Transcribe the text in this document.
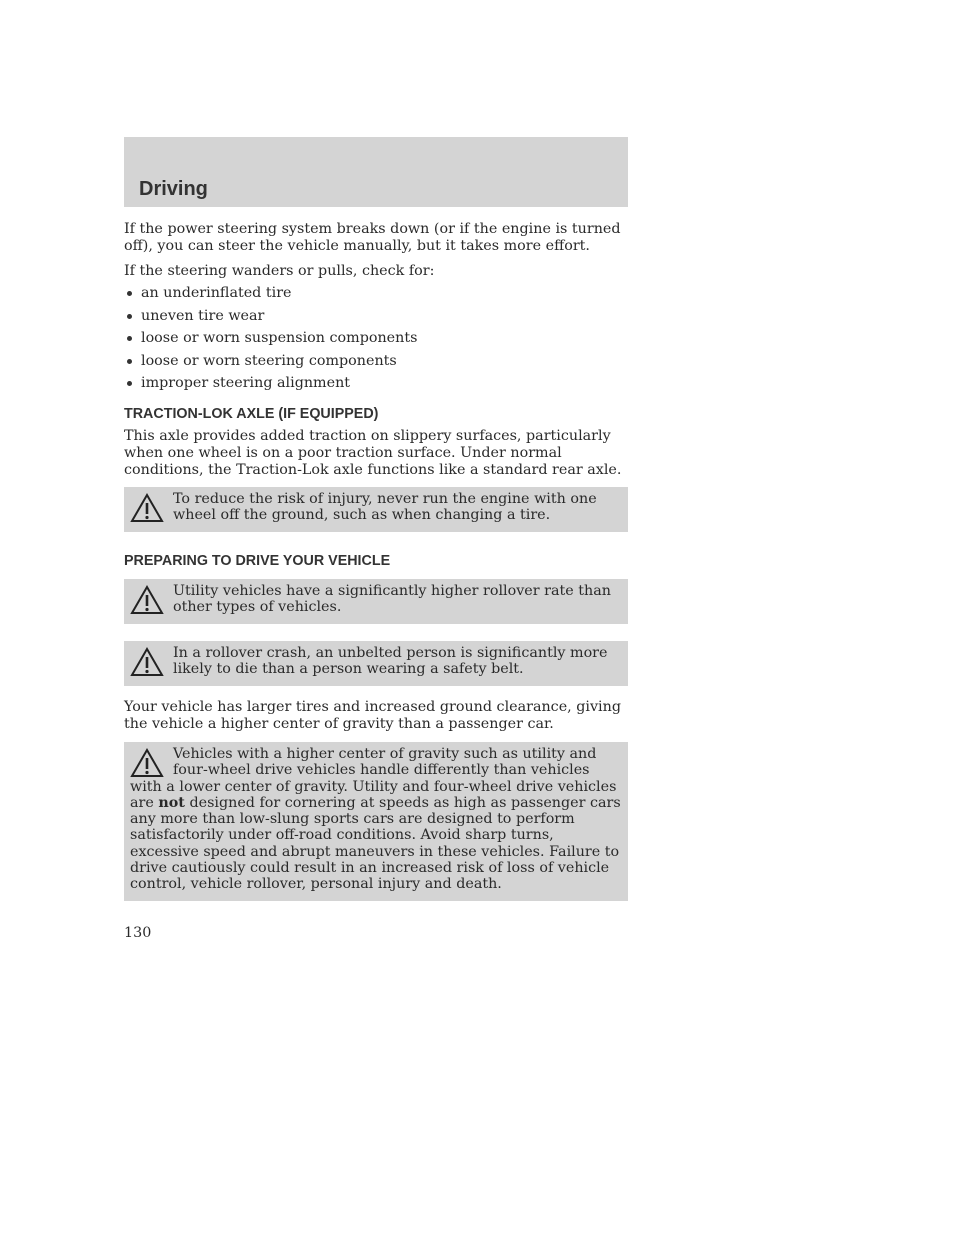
Driving

If the power steering system breaks down (or if the engine is turned off), you can steer the vehicle manually, but it takes more effort.

If the steering wanders or pulls, check for:

an underinflated tire
uneven tire wear
loose or worn suspension components
loose or worn steering components
improper steering alignment
TRACTION-LOK AXLE (IF EQUIPPED)

This axle provides added traction on slippery surfaces, particularly when one wheel is on a poor traction surface. Under normal conditions, the Traction-Lok axle functions like a standard rear axle.

To reduce the risk of injury, never run the engine with one wheel off the ground, such as when changing a tire.
PREPARING TO DRIVE YOUR VEHICLE
Utility vehicles have a significantly higher rollover rate than other types of vehicles.
In a rollover crash, an unbelted person is significantly more likely to die than a person wearing a safety belt.

Your vehicle has larger tires and increased ground clearance, giving the vehicle a higher center of gravity than a passenger car.

Vehicles with a higher center of gravity such as utility and four-wheel drive vehicles handle differently than vehicles with a lower center of gravity. Utility and four-wheel drive vehicles are not designed for cornering at speeds as high as passenger cars any more than low-slung sports cars are designed to perform satisfactorily under off-road conditions. Avoid sharp turns, excessive speed and abrupt maneuvers in these vehicles. Failure to drive cautiously could result in an increased risk of loss of vehicle control, vehicle rollover, personal injury and death.
130
